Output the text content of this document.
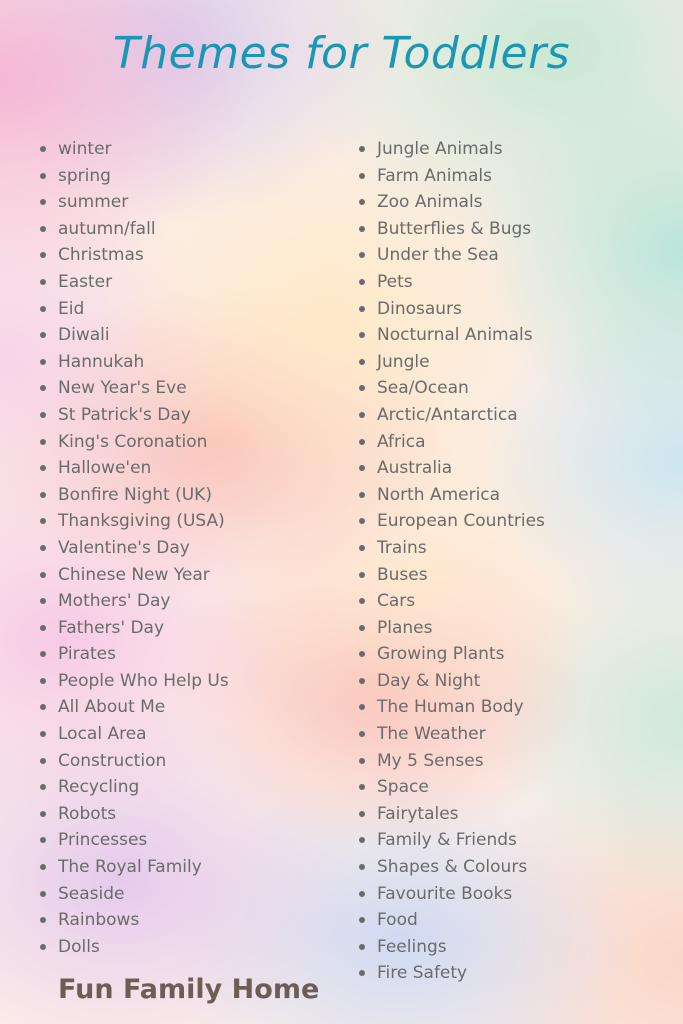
Themes for Toddlers
winter
spring
summer
autumn/fall
Christmas
Easter
Eid
Diwali
Hannukah
New Year's Eve
St Patrick's Day
King's Coronation
Hallowe'en
Bonfire Night (UK)
Thanksgiving (USA)
Valentine's Day
Chinese New Year
Mothers' Day
Fathers' Day
Pirates
People Who Help Us
All About Me
Local Area
Construction
Recycling
Robots
Princesses
The Royal Family
Seaside
Rainbows
Dolls
Jungle Animals
Farm Animals
Zoo Animals
Butterflies & Bugs
Under the Sea
Pets
Dinosaurs
Nocturnal Animals
Jungle
Sea/Ocean
Arctic/Antarctica
Africa
Australia
North America
European Countries
Trains
Buses
Cars
Planes
Growing Plants
Day & Night
The Human Body
The Weather
My 5 Senses
Space
Fairytales
Family & Friends
Shapes & Colours
Favourite Books
Food
Feelings
Fire Safety
Fun Family Home
